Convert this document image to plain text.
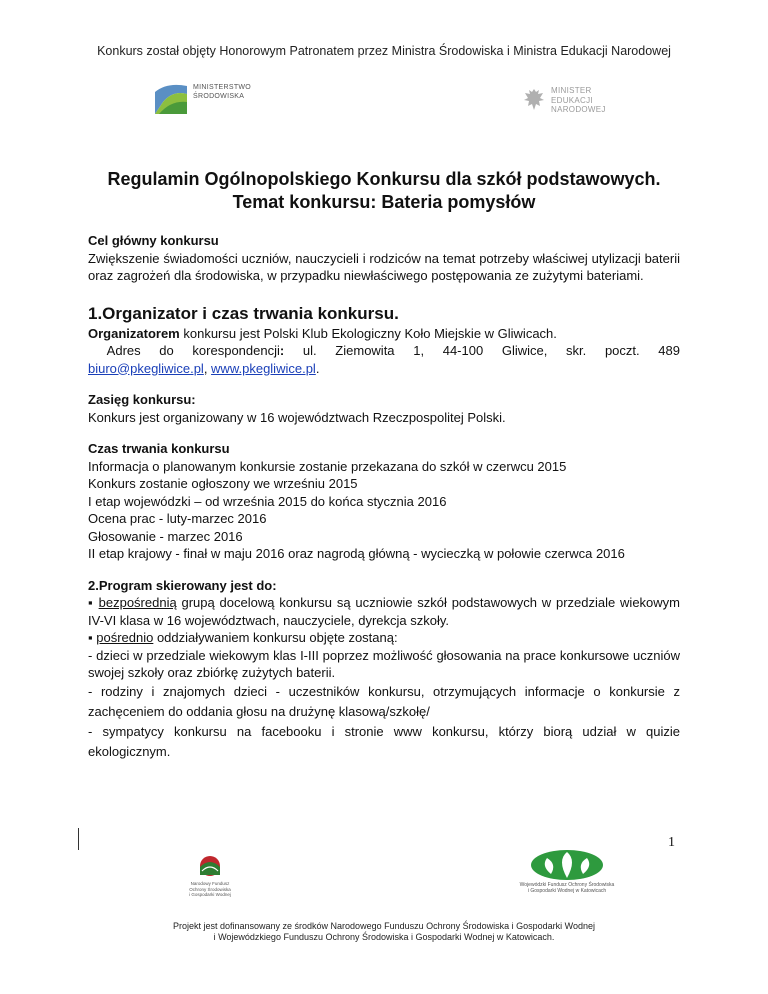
Konkurs został objęty Honorowym Patronatem przez Ministra Środowiska i Ministra Edukacji Narodowej
MINISTERSTWO
ŚRODOWISKA
MINISTER
EDUKACJI
NARODOWEJ
Regulamin Ogólnopolskiego Konkursu dla szkół podstawowych.
Temat konkursu: Bateria pomysłów

Cel główny konkursu

Zwiększenie świadomości uczniów, nauczycieli i rodziców na temat potrzeby właściwej utylizacji baterii oraz zagrożeń dla środowiska, w przypadku niewłaściwego postępowania ze zużytymi bateriami.

1.Organizator i czas trwania konkursu.

Organizatorem konkursu jest Polski Klub Ekologiczny Koło Miejskie w Gliwicach.

Adres do korespondencji: ul. Ziemowita 1, 44-100 Gliwice, skr. poczt. 489

biuro@pkegliwice.pl, www.pkegliwice.pl.

Zasięg konkursu:

Konkurs jest organizowany w 16 województwach Rzeczpospolitej Polski.

Czas trwania konkursu

Informacja o planowanym konkursie zostanie przekazana do szkół w czerwcu 2015

Konkurs zostanie ogłoszony we wrześniu 2015

I etap wojewódzki – od września 2015 do końca stycznia 2016

Ocena prac - luty-marzec 2016

Głosowanie - marzec 2016

II etap krajowy - finał w maju 2016 oraz nagrodą główną - wycieczką w połowie czerwca 2016

2.Program skierowany jest do:

▪ bezpośrednią grupą docelową konkursu są uczniowie szkół podstawowych w przedziale wiekowym IV-VI klasa w 16 województwach, nauczyciele, dyrekcja szkoły.

▪ pośrednio oddziaływaniem konkursu objęte zostaną:

- dzieci w przedziale wiekowym klas I-III poprzez możliwość głosowania na prace konkursowe uczniów swojej szkoły oraz zbiórkę zużytych baterii.

- rodziny i znajomych dzieci - uczestników konkursu, otrzymujących informacje o konkursie z zachęceniem do oddania głosu na drużynę klasową/szkołę/

- sympatycy konkursu na facebooku i stronie www konkursu, którzy biorą udział w quizie ekologicznym.

1
Narodowy Fundusz
Ochrony Środowiska
i Gospodarki Wodnej
Wojewódzki Fundusz Ochrony Środowiska
i Gospodarki Wodnej w Katowicach
Projekt jest dofinansowany ze środków Narodowego Funduszu Ochrony Środowiska i Gospodarki Wodnej
i Wojewódzkiego Funduszu Ochrony Środowiska i Gospodarki Wodnej w Katowicach.
